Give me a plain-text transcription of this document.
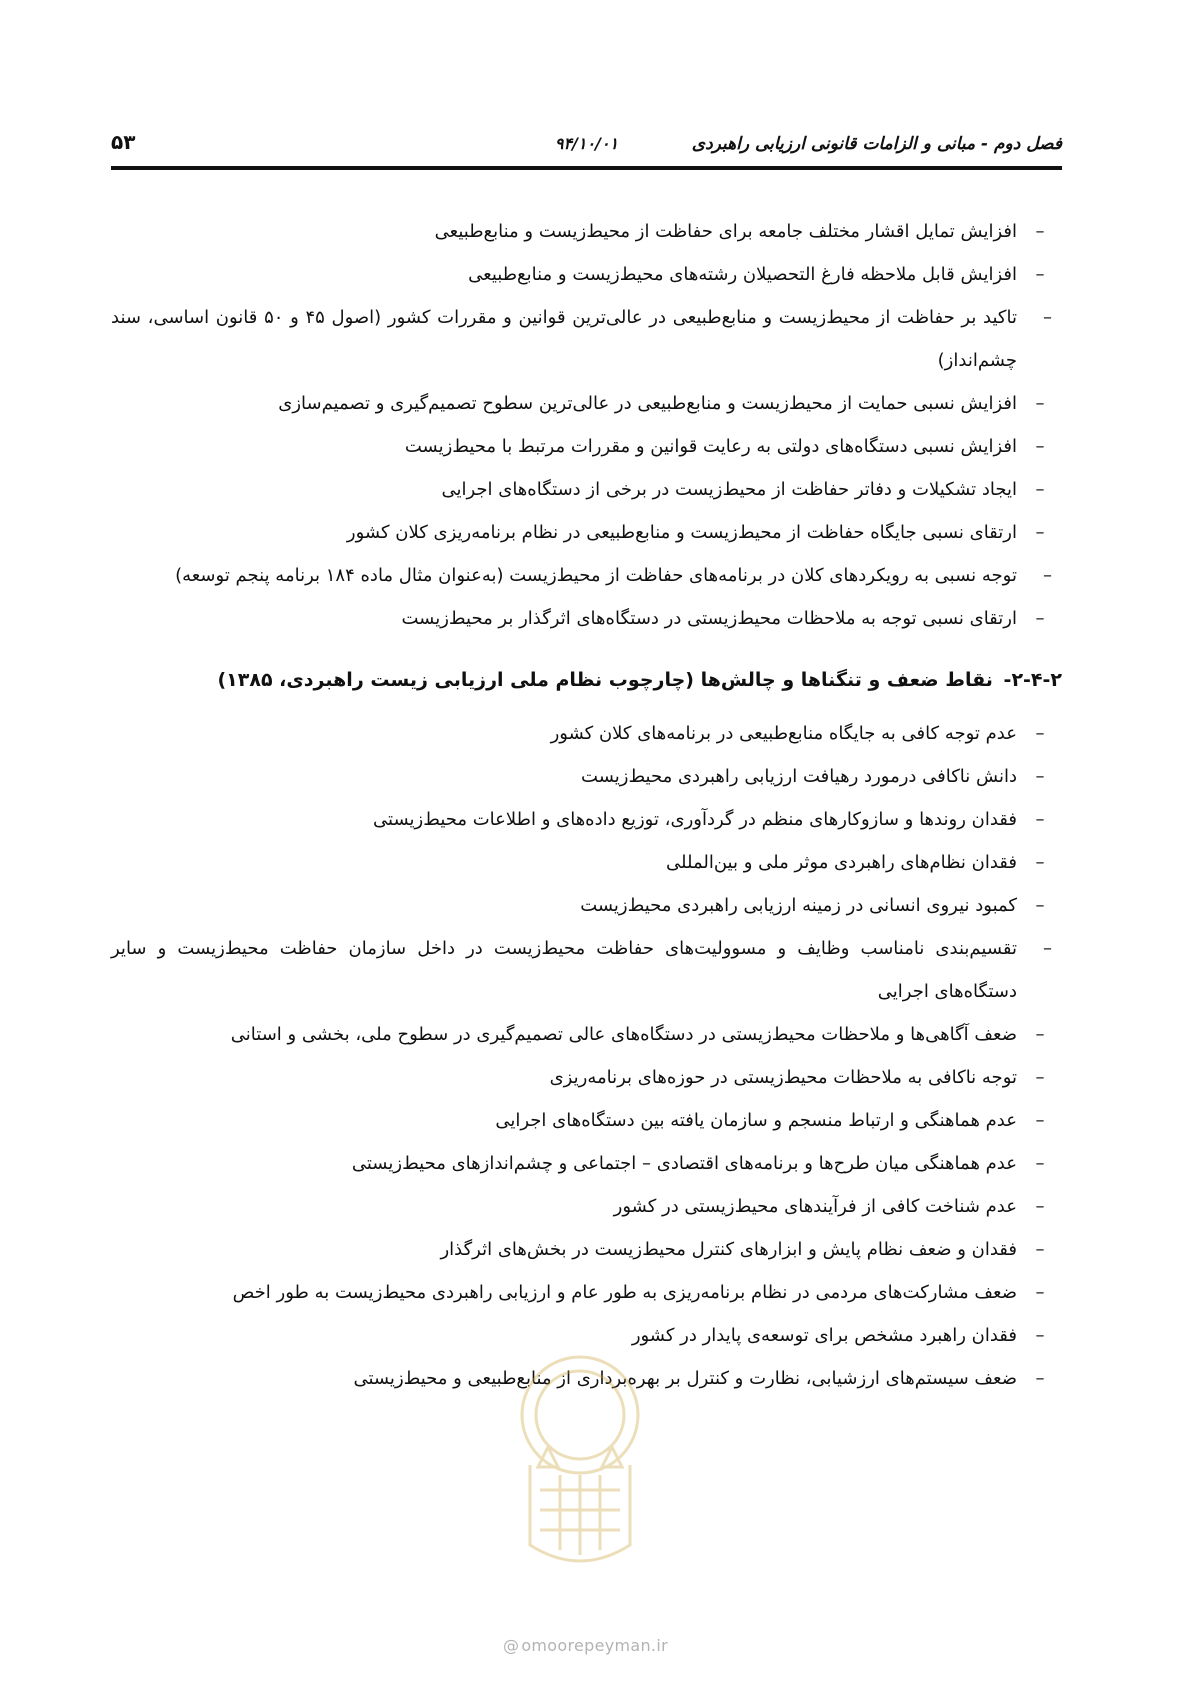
فصل دوم - مبانی و الزامات قانونی ارزیابی راهبردی
۹۴/۱۰/۰۱
۵۳
–
افزایش تمایل اقشار مختلف جامعه برای حفاظت از محیط‌زیست و منابع‌طبیعی
–
افزایش قابل ملاحظه فارغ التحصیلان رشته‌های محیط‌زیست و منابع‌طبیعی
–
تاکید بر حفاظت از محیط‌زیست و منابع‌طبیعی در عالی‌ترین قوانین و مقررات کشور (اصول ۴۵ و ۵۰ قانون اساسی، سند چشم‌انداز)
–
افزایش نسبی حمایت از محیط‌زیست و منابع‌طبیعی در عالی‌ترین سطوح تصمیم‌گیری و تصمیم‌سازی
–
افزایش نسبی دستگاه‌های دولتی به رعایت قوانین و مقررات مرتبط با محیط‌زیست
–
ایجاد تشکیلات و دفاتر حفاظت از محیط‌زیست در برخی از دستگاه‌های اجرایی
–
ارتقای نسبی جایگاه حفاظت از محیط‌زیست و منابع‌طبیعی در نظام برنامه‌ریزی کلان کشور
–
توجه نسبی به رویکردهای کلان در برنامه‌های حفاظت از محیط‌زیست (به‌عنوان مثال ماده ۱۸۴ برنامه پنجم توسعه)
–
ارتقای نسبی توجه به ملاحظات محیط‌زیستی در دستگاه‌های اثرگذار بر محیط‌زیست
۲-۴-۲- نقاط ضعف و تنگناها و چالش‌ها (چارچوب نظام ملی ارزیابی زیست راهبردی، ۱۳۸۵)
–
عدم توجه کافی به جایگاه منابع‌طبیعی در برنامه‌های کلان کشور
–
دانش ناکافی درمورد رهیافت ارزیابی راهبردی محیط‌زیست
–
فقدان روندها و سازوکارهای منظم در گردآوری، توزیع داده‌های و اطلاعات محیط‌زیستی
–
فقدان نظام‌های راهبردی موثر ملی و بین‌المللی
–
کمبود نیروی انسانی در زمینه ارزیابی راهبردی محیط‌زیست
–
تقسیم‌بندی نامناسب وظایف و مسوولیت‌های حفاظت محیط‌زیست در داخل سازمان حفاظت محیط‌زیست و سایر دستگاه‌های اجرایی
–
ضعف آگاهی‌ها و ملاحظات محیط‌زیستی در دستگاه‌های عالی تصمیم‌گیری در سطوح ملی، بخشی و استانی
–
توجه ناکافی به ملاحظات محیط‌زیستی در حوزه‌های برنامه‌ریزی
–
عدم هماهنگی و ارتباط منسجم و سازمان یافته بین دستگاه‌های اجرایی
–
عدم هماهنگی میان طرح‌ها و برنامه‌های اقتصادی – اجتماعی و چشم‌اندازهای محیط‌زیستی
–
عدم شناخت کافی از فرآیندهای محیط‌زیستی در کشور
–
فقدان و ضعف نظام پایش و ابزارهای کنترل محیط‌زیست در بخش‌های اثرگذار
–
ضعف مشارکت‌های مردمی در نظام برنامه‌ریزی به طور عام و ارزیابی راهبردی محیط‌زیست به طور اخص
–
فقدان راهبرد مشخص برای توسعه‌ی پایدار در کشور
–
ضعف سیستم‌های ارزشیابی، نظارت و کنترل بر بهره‌برداری از منابع‌طبیعی و محیط‌زیستی
@ omoorepeyman.ir
